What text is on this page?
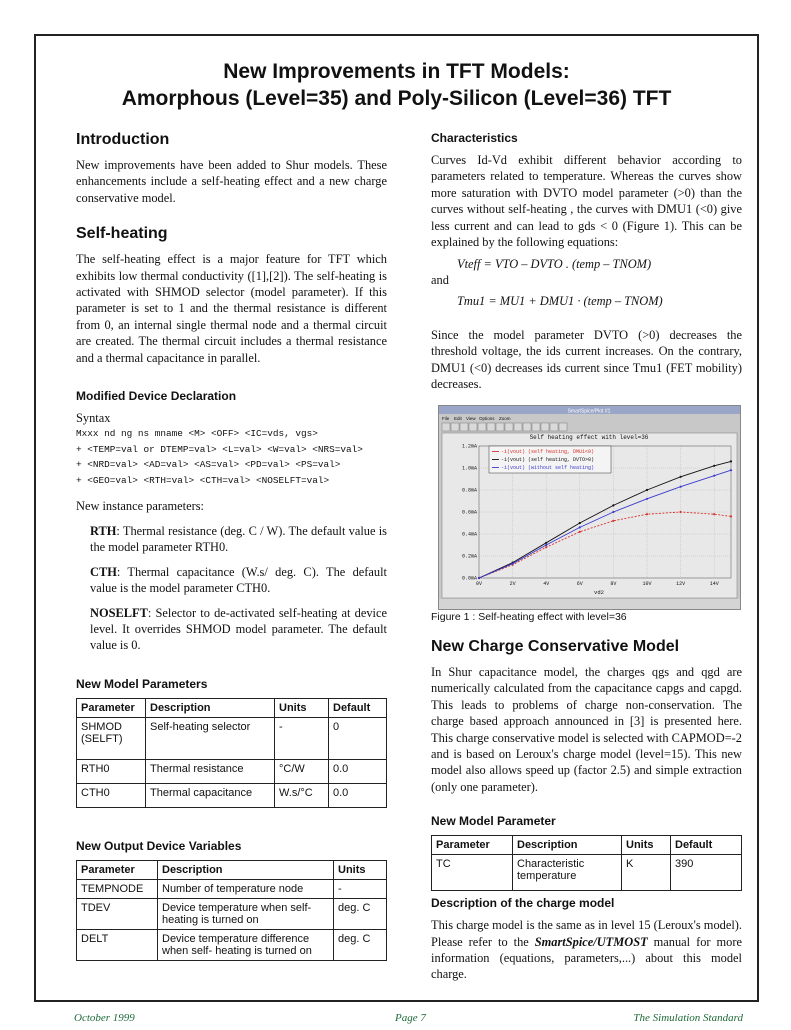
New Improvements in TFT Models:
Amorphous (Level=35) and Poly-Silicon (Level=36) TFT
Introduction

New improvements have been added to Shur models. These enhancements include a self-heating effect and a new charge conservative model.

Self-heating

The self-heating effect is a major feature for TFT which exhibits low thermal conductivity ([1],[2]). The self-heating is activated with SHMOD selector (model parameter). If this parameter is set to 1 and the thermal resistance is different from 0, an internal single thermal node and a thermal circuit are created. The thermal circuit includes a thermal resistance and a thermal capacitance in parallel.

Modified Device Declaration

Syntax

Mxxx nd ng ns mname <M> <OFF> <IC=vds, vgs>
+ <TEMP=val or DTEMP=val> <L=val> <W=val> <NRS=val>
+ <NRD=val> <AD=val> <AS=val> <PD=val> <PS=val>
+ <GEO=val> <RTH=val> <CTH=val> <NOSELFT=val>

New instance parameters:

RTH: Thermal resistance (deg. C / W). The default value is the model parameter RTH0.

CTH: Thermal capacitance (W.s/ deg. C). The default value is the model parameter CTH0.

NOSELFT: Selector to de-activated self-heating at device level. It overrides SHMOD model parameter. The default value is 0.

New Model Parameters
Parameter	Description	Units	Default
SHMOD (SELFT)	Self-heating selector	-	0
RTH0	Thermal resistance	°C/W	0.0
CTH0	Thermal capacitance	W.s/°C	0.0
New Output Device Variables
Parameter	Description	Units
TEMPNODE	Number of temperature node	-
TDEV	Device temperature when self-heating is turned on	deg. C
DELT	Device temperature difference when self- heating is turned on	deg. C
Characteristics

Curves Id-Vd exhibit different behavior according to parameters related to temperature. Whereas the curves show more saturation with DVTO model parameter (>0) than the curves without self-heating , the curves with DMU1 (<0) give less current and can lead to gds < 0 (Figure 1). This can be explained by the following equations:

Vteff = VTO – DVTO . (temp – TNOM)

and

Tmu1 = MU1 + DMU1 · (temp – TNOM)

Since the model parameter DVTO (>0) decreases the threshold voltage, the ids current increases. On the contrary, DMU1 (<0) decreases ids current since Tmu1 (FET mobility) decreases.

SmartSpice/Plot #1
File Edit View Options Zoom
Self heating effect with level=36
1.2mA
1.0mA
0.8mA
0.6mA
0.4mA
0.2mA
0.0mA
0V	2V	4V	6V	8V	10V	12V	14V
vd2
-i(vout) (self heating, DMU1<0)
-i(vout) (self heating, DVTO>0)
-i(vout) (without self heating)
Figure 1 : Self-heating effect with level=36
New Charge Conservative Model

In Shur capacitance model, the charges qgs and qgd are numerically calculated from the capacitance capgs and capgd. This leads to problems of charge non-conservation. The charge based approach announced in [3] is presented here. This charge conservative model is selected with CAPMOD=-2 and is based on Leroux's charge model (level=15). This new model also allows speed up (factor 2.5) and simple extraction (only one parameter).

New Model Parameter
Parameter	Description	Units	Default
TC	Characteristic temperature	K	390
Description of the charge model

This charge model is the same as in level 15 (Leroux's model). Please refer to the SmartSpice/UTMOST manual for more information (equations, parameters,...) about this model charge.

October 1999	Page 7	The Simulation Standard
